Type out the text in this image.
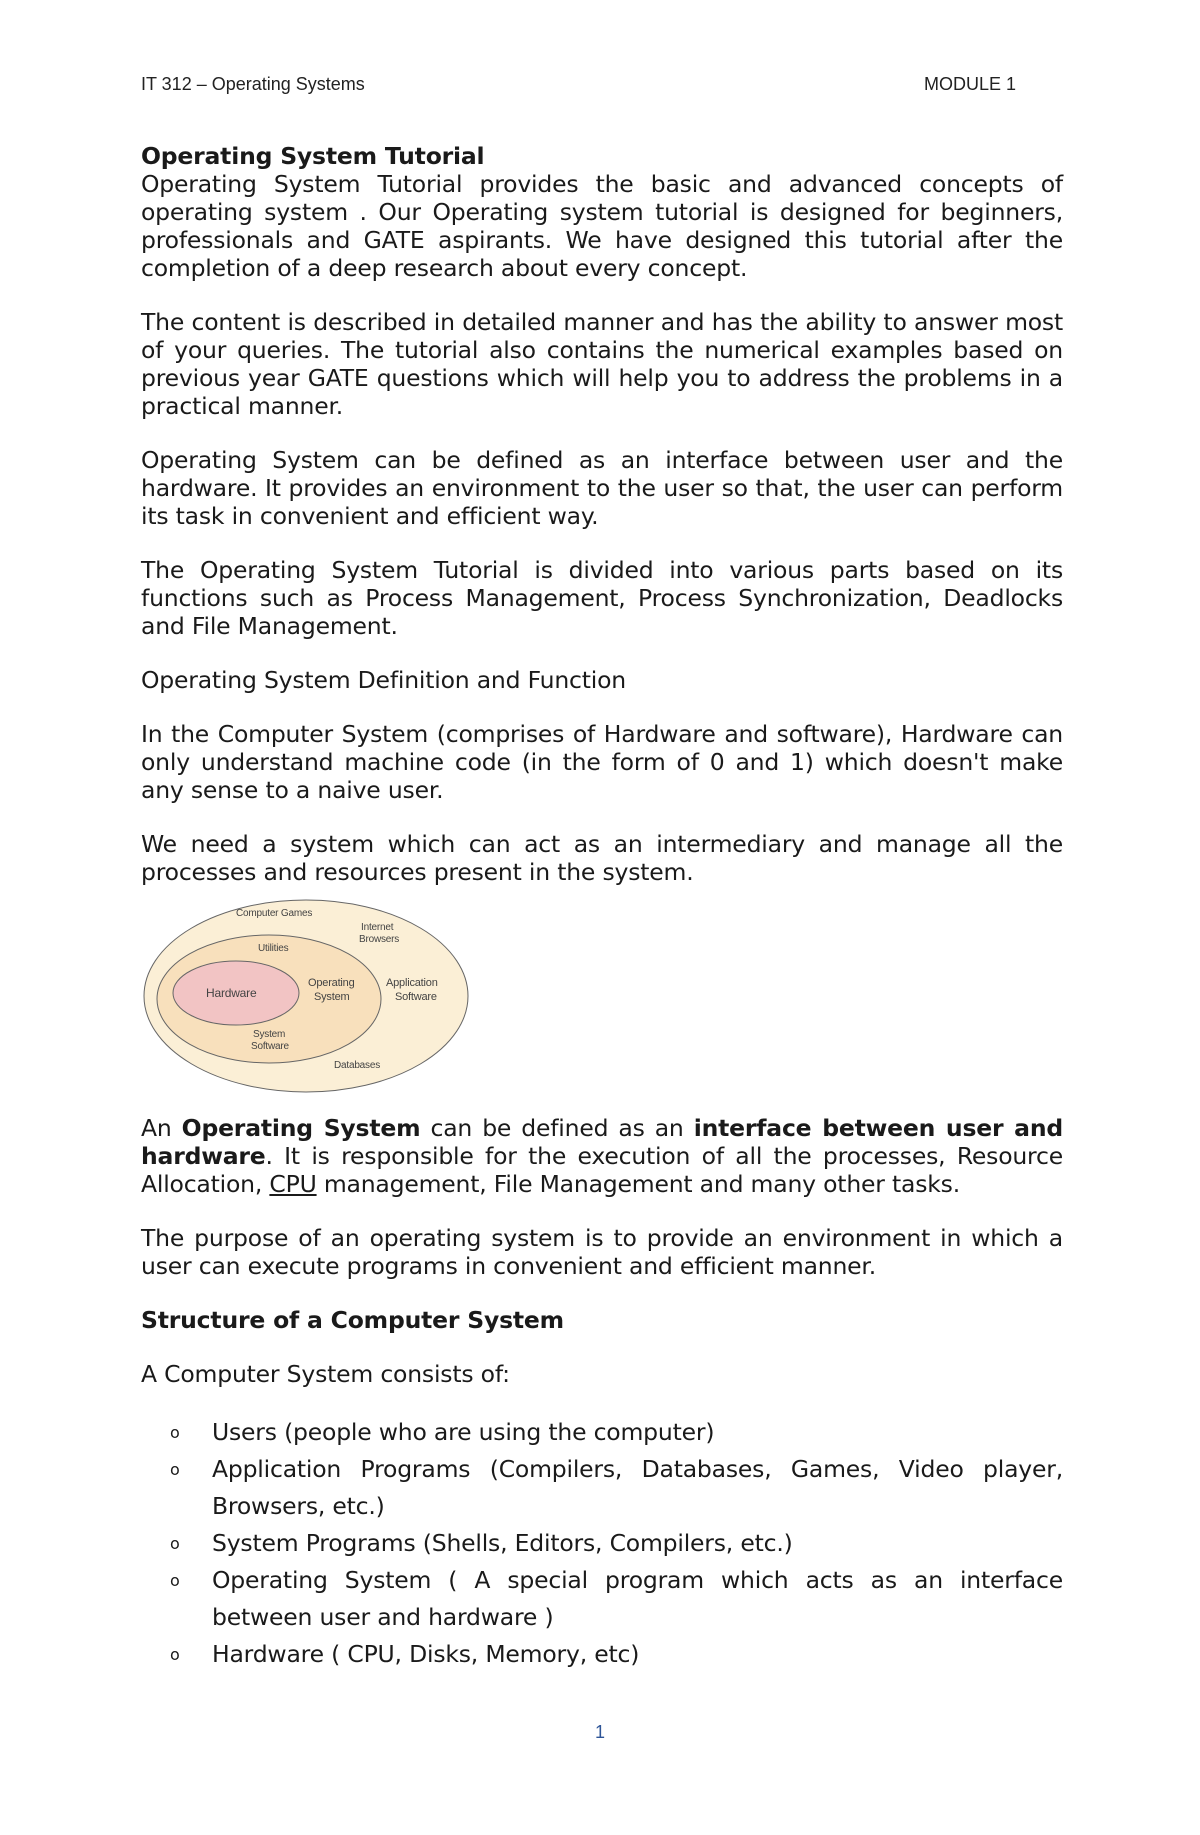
IT 312 – Operating Systems	MODULE 1

Operating System Tutorial

Operating System Tutorial provides the basic and advanced concepts of operating system . Our Operating system tutorial is designed for beginners, professionals and GATE aspirants. We have designed this tutorial after the completion of a deep research about every concept.

The content is described in detailed manner and has the ability to answer most of your queries. The tutorial also contains the numerical examples based on previous year GATE questions which will help you to address the problems in a practical manner.

Operating System can be defined as an interface between user and the hardware. It provides an environment to the user so that, the user can perform its task in convenient and efficient way.

The Operating System Tutorial is divided into various parts based on its functions such as Process Management, Process Synchronization, Deadlocks and File Management.

Operating System Definition and Function

In the Computer System (comprises of Hardware and software), Hardware can only understand machine code (in the form of 0 and 1) which doesn't make any sense to a naive user.

We need a system which can act as an intermediary and manage all the processes and resources present in the system.

Computer Games
Internet
Browsers
Utilities
Hardware
Operating
System
Application
Software
System
Software
Databases

An Operating System can be defined as an interface between user and hardware. It is responsible for the execution of all the processes, Resource Allocation, CPU management, File Management and many other tasks.

The purpose of an operating system is to provide an environment in which a user can execute programs in convenient and efficient manner.

Structure of a Computer System

A Computer System consists of:

o Users (people who are using the computer)
o Application Programs (Compilers, Databases, Games, Video player, Browsers, etc.)
o System Programs (Shells, Editors, Compilers, etc.)
o Operating System ( A special program which acts as an interface between user and hardware )
o Hardware ( CPU, Disks, Memory, etc)
1
